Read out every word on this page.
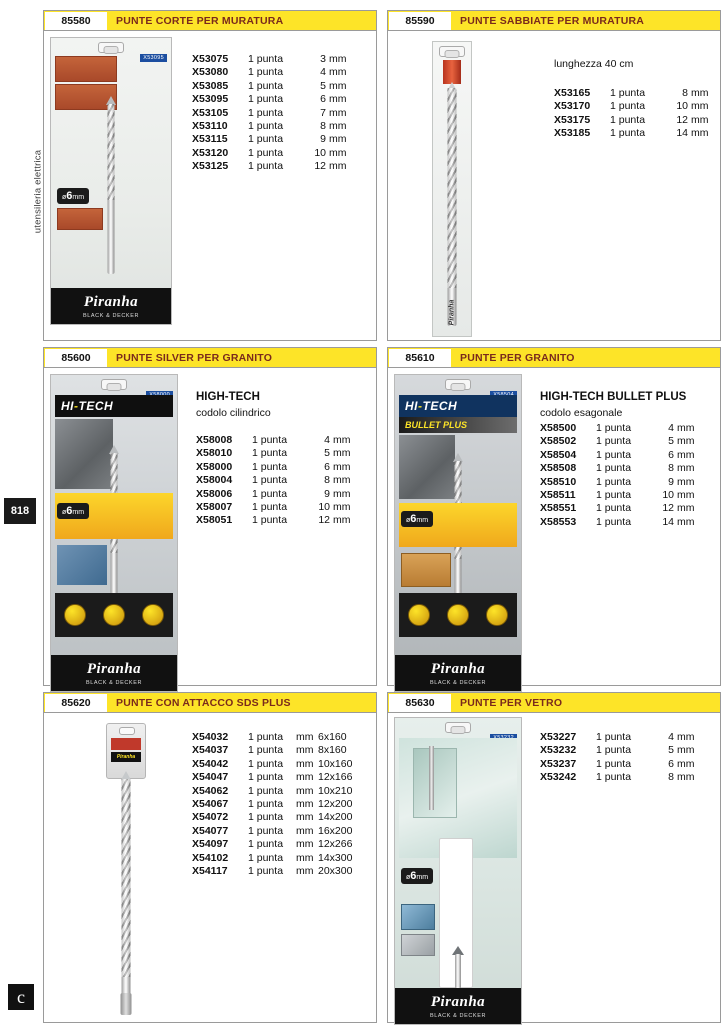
utensileria elettrica
818
c
85580	PUNTE CORTE PER MURATURA
X53095
ø6mm
Piranha
BLACK & DECKER
X53075	1 punta	3 mm
X53080	1 punta	4 mm
X53085	1 punta	5 mm
X53095	1 punta	6 mm
X53105	1 punta	7 mm
X53110	1 punta	8 mm
X53115	1 punta	9 mm
X53120	1 punta	10 mm
X53125	1 punta	12 mm
85590	PUNTE SABBIATE PER MURATURA
Piranha
lunghezza 40 cm
X53165	1 punta	8 mm
X53170	1 punta	10 mm
X53175	1 punta	12 mm
X53185	1 punta	14 mm
85600	PUNTE SILVER PER GRANITO
HI - TECH
ø6mm
Piranha
BLACK & DECKER
HIGH-TECH
codolo cilindrico
X58008	1 punta	4 mm
X58010	1 punta	5 mm
X58000	1 punta	6 mm
X58004	1 punta	8 mm
X58006	1 punta	9 mm
X58007	1 punta	10 mm
X58051	1 punta	12 mm
85610	PUNTE PER GRANITO
HI - TECH
BULLET PLUS
ø6mm
Piranha
BLACK & DECKER
HIGH-TECH BULLET PLUS
codolo esagonale
X58500	1 punta	4 mm
X58502	1 punta	5 mm
X58504	1 punta	6 mm
X58508	1 punta	8 mm
X58510	1 punta	9 mm
X58511	1 punta	10 mm
X58551	1 punta	12 mm
X58553	1 punta	14 mm
85620	PUNTE CON ATTACCO SDS PLUS
Piranha
X54032	1 punta	mm 6x160
X54037	1 punta	mm 8x160
X54042	1 punta	mm 10x160
X54047	1 punta	mm 12x166
X54062	1 punta	mm 10x210
X54067	1 punta	mm 12x200
X54072	1 punta	mm 14x200
X54077	1 punta	mm 16x200
X54097	1 punta	mm 12x266
X54102	1 punta	mm 14x300
X54117	1 punta	mm 20x300
85630	PUNTE PER VETRO
ø6mm
Piranha
BLACK & DECKER
X53227	1 punta	4 mm
X53232	1 punta	5 mm
X53237	1 punta	6 mm
X53242	1 punta	8 mm
